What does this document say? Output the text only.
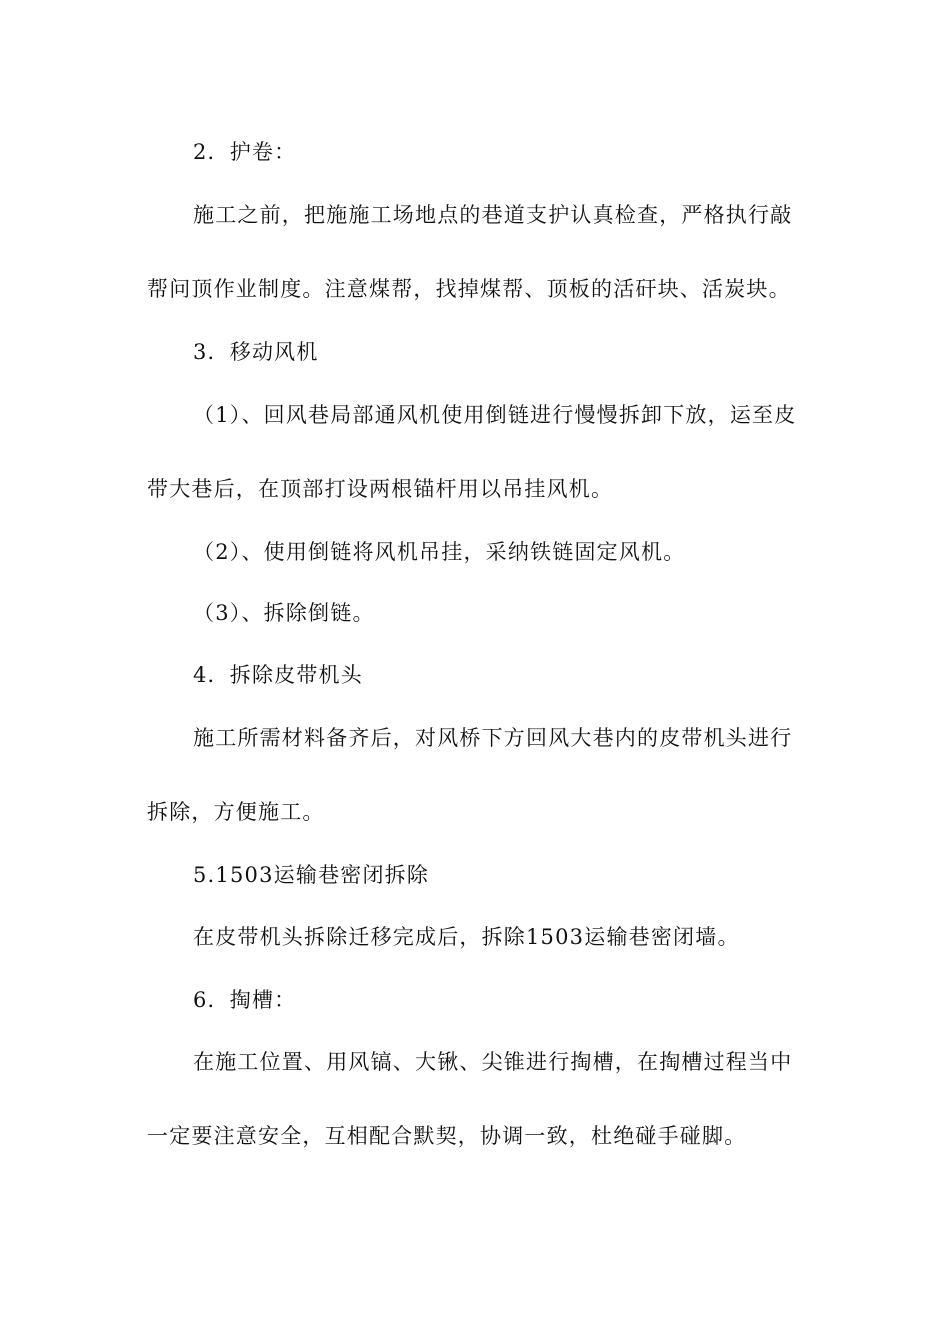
2．护卷：
施工之前，把施施工场地点的巷道支护认真检查，严格执行敲
帮问顶作业制度。注意煤帮，找掉煤帮、顶板的活矸块、活炭块。
3．移动风机
（1）、回风巷局部通风机使用倒链进行慢慢拆卸下放，运至皮
带大巷后，在顶部打设两根锚杆用以吊挂风机。
（2）、使用倒链将风机吊挂，采纳铁链固定风机。
（3）、拆除倒链。
4．拆除皮带机头
施工所需材料备齐后，对风桥下方回风大巷内的皮带机头进行
拆除，方便施工。
5.1503运输巷密闭拆除
在皮带机头拆除迁移完成后，拆除1503运输巷密闭墙。
6．掏槽：
在施工位置、用风镐、大锹、尖锥进行掏槽，在掏槽过程当中
一定要注意安全，互相配合默契，协调一致，杜绝碰手碰脚。
